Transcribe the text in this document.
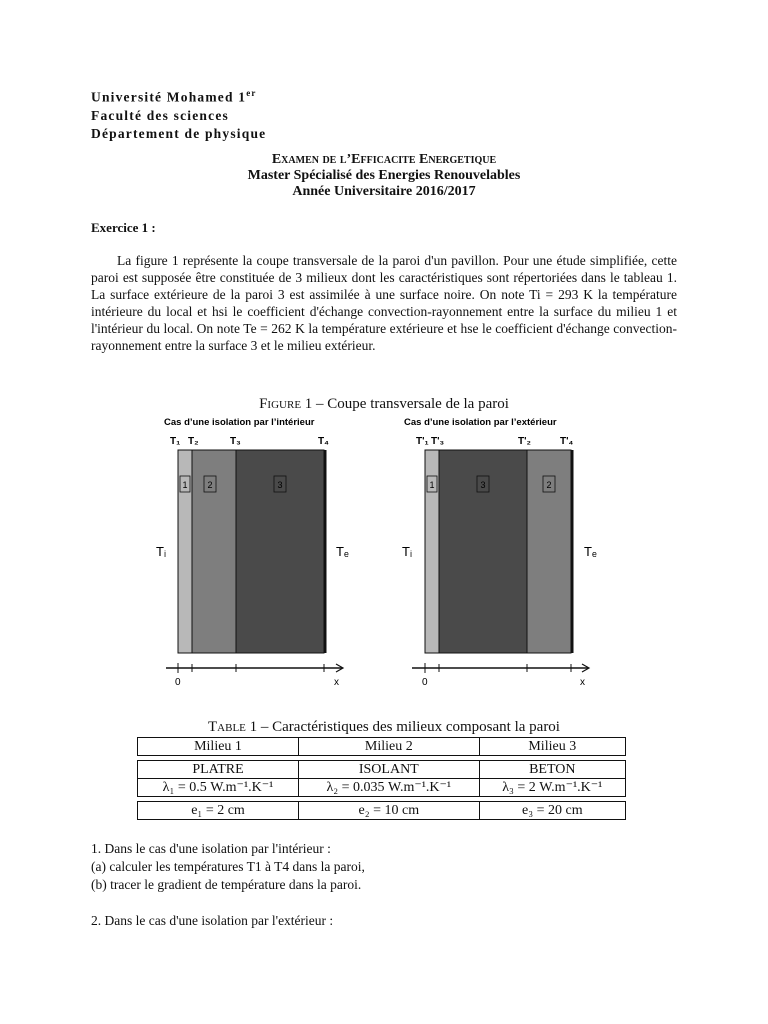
Université Mohamed 1er
Faculté des sciences
Département de physique
Examen de l’Efficacite Energetique
Master Spécialisé des Energies Renouvelables
Année Universitaire 2016/2017
Exercice 1 :
La figure 1 représente la coupe transversale de la paroi d'un pavillon. Pour une étude simplifiée, cette paroi est supposée être constituée de 3 milieux dont les caractéristiques sont répertoriées dans le tableau 1. La surface extérieure de la paroi 3 est assimilée à une surface noire. On note Ti = 293 K la température intérieure du local et hsi le coefficient d'échange convection-rayonnement entre la surface du milieu 1 et l'intérieur du local. On note Te = 262 K la température extérieure et hse le coefficient d'échange convection- rayonnement entre la surface 3 et le milieu extérieur.
Figure 1 – Coupe transversale de la paroi
Cas d’une isolation par l’intérieur
T₁ T₂	T₃	T₄
1 2	3
Tᵢ	Tₑ
0	x
Cas d’une isolation par l’extérieur
T'₁ T'₃	T'₂	T'₄
1	3	2
Tᵢ	Tₑ
0	x
Table 1 – Caractéristiques des milieux composant la paroi
Milieu 1	Milieu 2	Milieu 3

PLATRE	ISOLANT	BETON
λ₁ = 0.5 W.m⁻¹.K⁻¹	λ₂ = 0.035 W.m⁻¹.K⁻¹	λ₃ = 2 W.m⁻¹.K⁻¹

e₁ = 2 cm	e₂ = 10 cm	e₃ = 20 cm
1. Dans le cas d'une isolation par l'intérieur :
(a) calculer les températures T1 à T4 dans la paroi,
(b) tracer le gradient de température dans la paroi.
2. Dans le cas d'une isolation par l'extérieur :
